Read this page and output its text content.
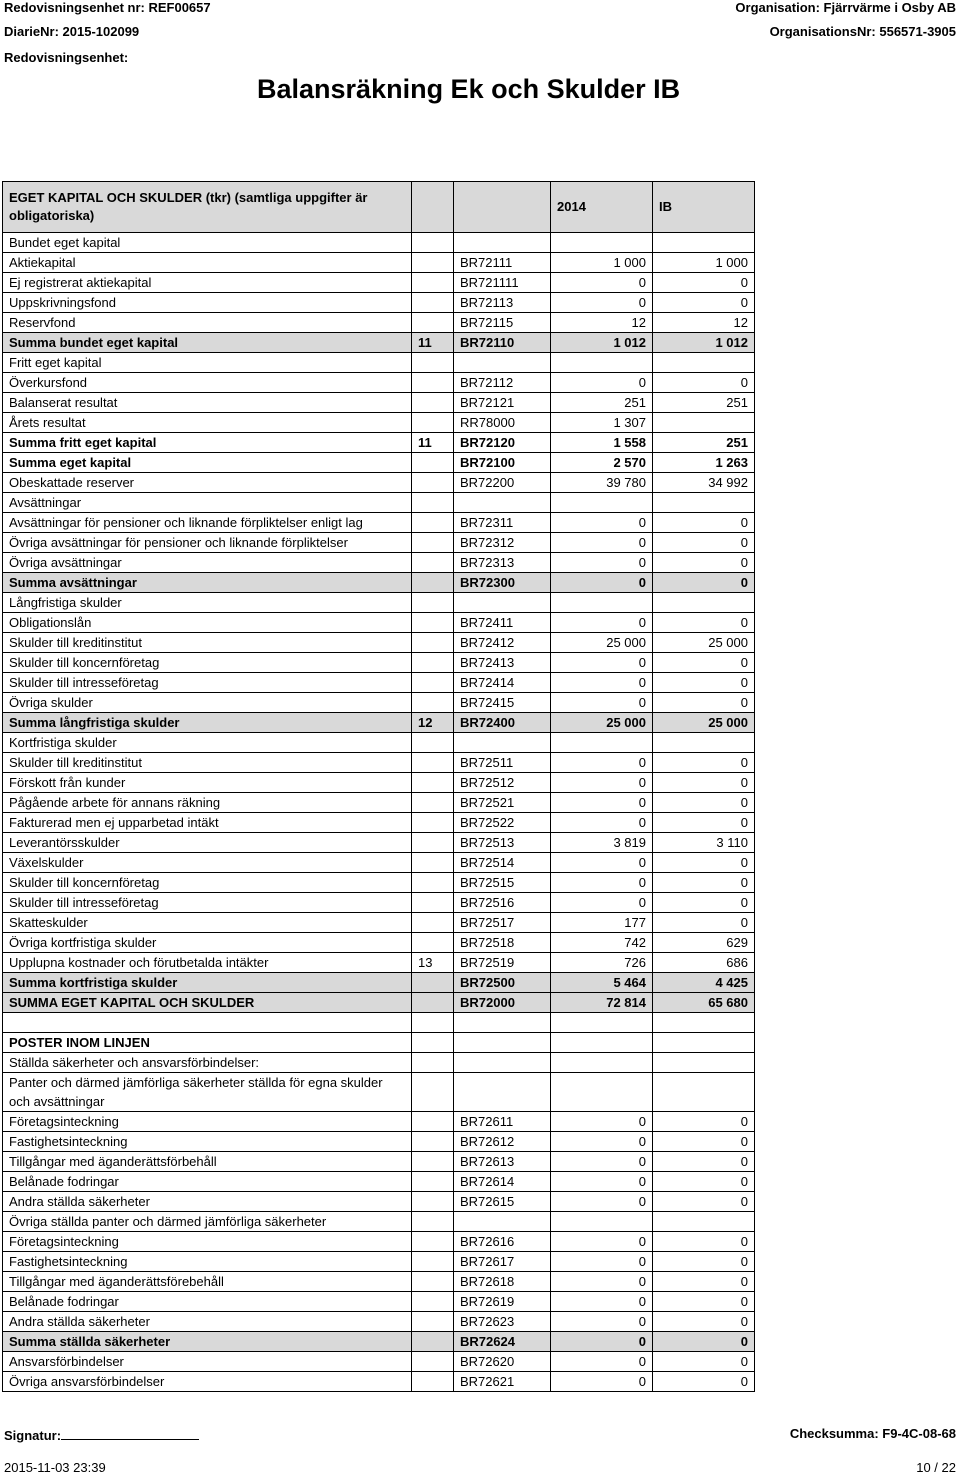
Redovisningsenhet nr: REF00657
DiarieNr: 2015-102099
Redovisningsenhet:
Organisation: Fjärrvärme i Osby AB
OrganisationsNr: 556571-3905
Balansräkning Ek och Skulder IB
EGET KAPITAL OCH SKULDER (tkr) (samtliga uppgifter är obligatoriska)			2014	IB
Bundet eget kapital				
Aktiekapital		BR72111	1 000	1 000
Ej registrerat aktiekapital		BR721111	0	0
Uppskrivningsfond		BR72113	0	0
Reservfond		BR72115	12	12
Summa bundet eget kapital	11	BR72110	1 012	1 012
Fritt eget kapital				
Överkursfond		BR72112	0	0
Balanserat resultat		BR72121	251	251
Årets resultat		RR78000	1 307	
Summa fritt eget kapital	11	BR72120	1 558	251
Summa eget kapital		BR72100	2 570	1 263
Obeskattade reserver		BR72200	39 780	34 992
Avsättningar				
Avsättningar för pensioner och liknande förpliktelser enligt lag		BR72311	0	0
Övriga avsättningar för pensioner och liknande förpliktelser		BR72312	0	0
Övriga avsättningar		BR72313	0	0
Summa avsättningar		BR72300	0	0
Långfristiga skulder				
Obligationslån		BR72411	0	0
Skulder till kreditinstitut		BR72412	25 000	25 000
Skulder till koncernföretag		BR72413	0	0
Skulder till intresseföretag		BR72414	0	0
Övriga skulder		BR72415	0	0
Summa långfristiga skulder	12	BR72400	25 000	25 000
Kortfristiga skulder				
Skulder till kreditinstitut		BR72511	0	0
Förskott från kunder		BR72512	0	0
Pågående arbete för annans räkning		BR72521	0	0
Fakturerad men ej upparbetad intäkt		BR72522	0	0
Leverantörsskulder		BR72513	3 819	3 110
Växelskulder		BR72514	0	0
Skulder till koncernföretag		BR72515	0	0
Skulder till intresseföretag		BR72516	0	0
Skatteskulder		BR72517	177	0
Övriga kortfristiga skulder		BR72518	742	629
Upplupna kostnader och förutbetalda intäkter	13	BR72519	726	686
Summa kortfristiga skulder		BR72500	5 464	4 425
SUMMA EGET KAPITAL OCH SKULDER		BR72000	72 814	65 680

POSTER INOM LINJEN				
Ställda säkerheter och ansvarsförbindelser:				
Panter och därmed jämförliga säkerheter ställda för egna skulder och avsättningar				
Företagsinteckning		BR72611	0	0
Fastighetsinteckning		BR72612	0	0
Tillgångar med äganderättsförbehåll		BR72613	0	0
Belånade fodringar		BR72614	0	0
Andra ställda säkerheter		BR72615	0	0
Övriga ställda panter och därmed jämförliga säkerheter				
Företagsinteckning		BR72616	0	0
Fastighetsinteckning		BR72617	0	0
Tillgångar med äganderättsförebehåll		BR72618	0	0
Belånade fodringar		BR72619	0	0
Andra ställda säkerheter		BR72623	0	0
Summa ställda säkerheter		BR72624	0	0
Ansvarsförbindelser		BR72620	0	0
Övriga ansvarsförbindelser		BR72621	0	0
Signatur:	Checksumma: F9-4C-08-68
2015-11-03 23:39	10 / 22
